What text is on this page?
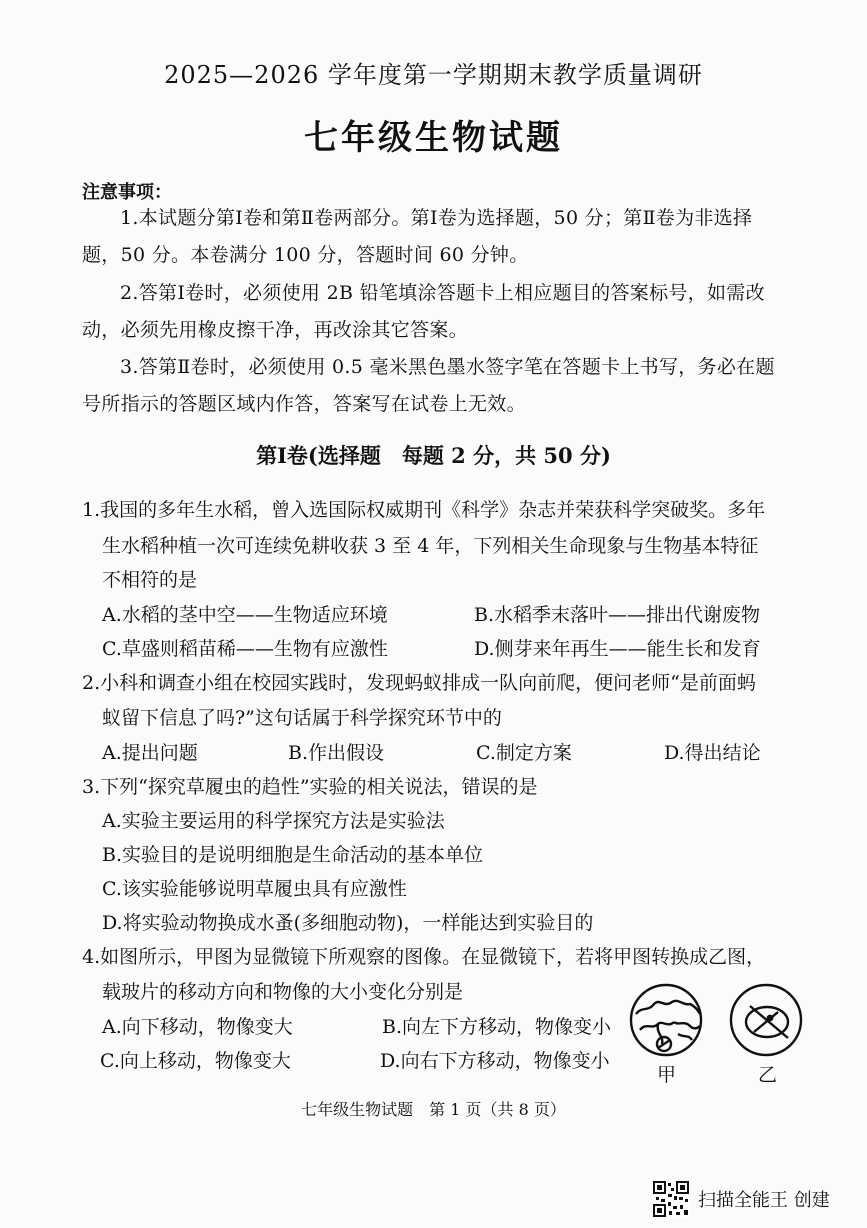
2025—2026 学年度第一学期期末教学质量调研
七年级生物试题
注意事项：
1.本试题分第Ⅰ卷和第Ⅱ卷两部分。第Ⅰ卷为选择题，50 分；第Ⅱ卷为非选择
题，50 分。本卷满分 100 分，答题时间 60 分钟。
2.答第Ⅰ卷时，必须使用 2B 铅笔填涂答题卡上相应题目的答案标号，如需改
动，必须先用橡皮擦干净，再改涂其它答案。
3.答第Ⅱ卷时，必须使用 0.5 毫米黑色墨水签字笔在答题卡上书写，务必在题
号所指示的答题区域内作答，答案写在试卷上无效。
第Ⅰ卷(选择题　每题 2 分，共 50 分)
1.我国的多年生水稻，曾入选国际权威期刊《科学》杂志并荣获科学突破奖。多年
生水稻种植一次可连续免耕收获 3 至 4 年，下列相关生命现象与生物基本特征
不相符的是
A.水稻的茎中空——生物适应环境	B.水稻季末落叶——排出代谢废物
C.草盛则稻苗稀——生物有应激性	D.侧芽来年再生——能生长和发育
2.小科和调查小组在校园实践时，发现蚂蚁排成一队向前爬，便问老师“是前面蚂
蚁留下信息了吗?”这句话属于科学探究环节中的
A.提出问题	B.作出假设	C.制定方案	D.得出结论
3.下列“探究草履虫的趋性”实验的相关说法，错误的是
A.实验主要运用的科学探究方法是实验法
B.实验目的是说明细胞是生命活动的基本单位
C.该实验能够说明草履虫具有应激性
D.将实验动物换成水蚤(多细胞动物)，一样能达到实验目的
4.如图所示，甲图为显微镜下所观察的图像。在显微镜下，若将甲图转换成乙图，
载玻片的移动方向和物像的大小变化分别是
A.向下移动，物像变大	B.向左下方移动，物像变小
C.向上移动，物像变大	D.向右下方移动，物像变小
甲	乙
七年级生物试题　第 1 页（共 8 页）
扫描全能王 创建
